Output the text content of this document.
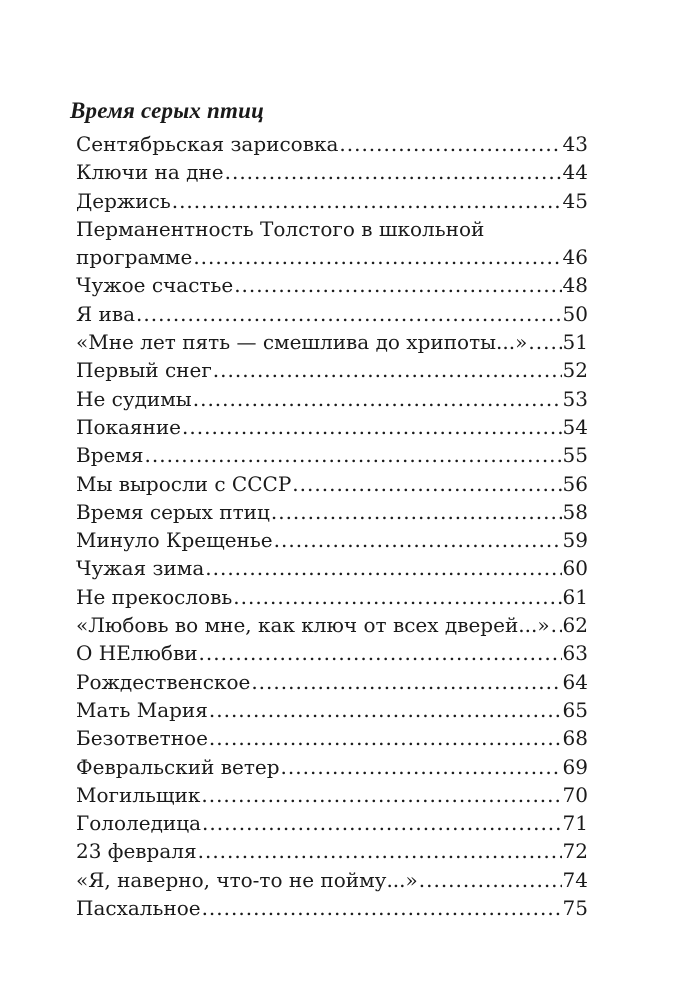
Время серых птиц
Сентябрьская зарисовка .....	43
Ключи на дне .....	44
Держись .....	45
Перманентность Толстого в школьной
программе .....	46
Чужое счастье .....	48
Я ива .....	50
«Мне лет пять — смешлива до хрипоты...» ..... 51
Первый снег .....	52
Не судимы .....	53
Покаяние .....	54
Время .....	55
Мы выросли с СССР .....	56
Время серых птиц .....	58
Минуло Крещенье .....	59
Чужая зима .....	60
Не прекословь .....	61
«Любовь во мне, как ключ от всех дверей...» ..... 62
О НЕлюбви .....	63
Рождественское .....	64
Мать Мария .....	65
Безответное .....	68
Февральский ветер .....	69
Могильщик .....	70
Гололедица .....	71
23 февраля .....	72
«Я, наверно, что-то не пойму...» .....	74
Пасхальное .....	75
